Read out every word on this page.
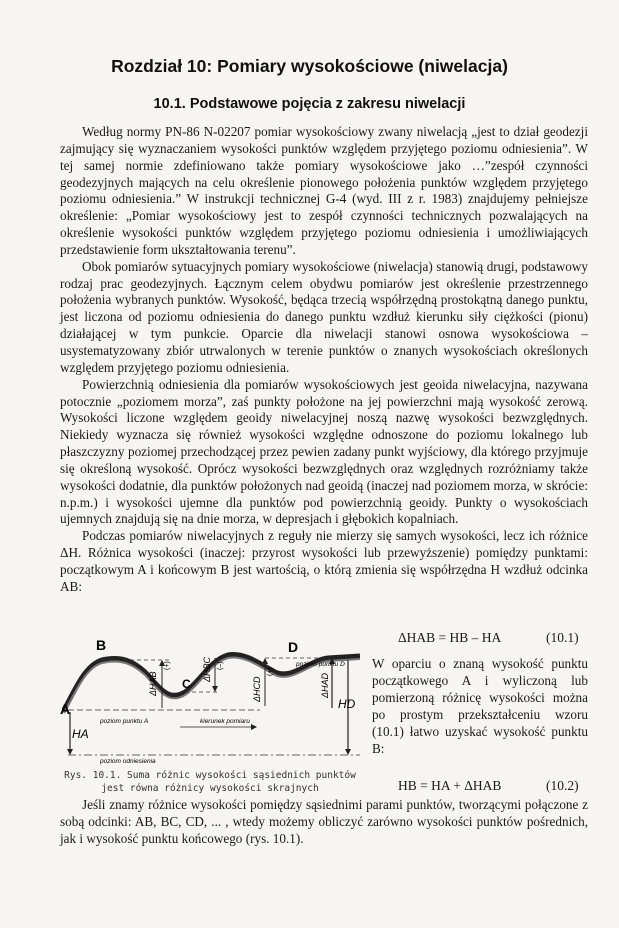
Rozdział 10: Pomiary wysokościowe (niwelacja)
10.1. Podstawowe pojęcia z zakresu niwelacji

Według normy PN-86 N-02207 pomiar wysokościowy zwany niwelacją „jest to dział geodezji zajmujący się wyznaczaniem wysokości punktów względem przyjętego poziomu odniesienia”. W tej samej normie zdefiniowano także pomiary wysokościowe jako …”zespół czynności geodezyjnych mających na celu określenie pionowego położenia punktów względem przyjętego poziomu odniesienia.” W instrukcji technicznej G-4 (wyd. III z r. 1983) znajdujemy pełniejsze określenie: „Pomiar wysokościowy jest to zespół czynności technicznych pozwalających na określenie wysokości punktów względem przyjętego poziomu odniesienia i umożliwiających przedstawienie form ukształtowania terenu”.

Obok pomiarów sytuacyjnych pomiary wysokościowe (niwelacja) stanowią drugi, podstawowy rodzaj prac geodezyjnych. Łącznym celem obydwu pomiarów jest określenie przestrzennego położenia wybranych punktów. Wysokość, będąca trzecią współrzędną prostokątną danego punktu, jest liczona od poziomu odniesienia do danego punktu wzdłuż kierunku siły ciężkości (pionu) działającej w tym punkcie. Oparcie dla niwelacji stanowi osnowa wysokościowa – usystematyzowany zbiór utrwalonych w terenie punktów o znanych wysokościach określonych względem przyjętego poziomu odniesienia.

Powierzchnią odniesienia dla pomiarów wysokościowych jest geoida niwelacyjna, nazywana potocznie „poziomem morza”, zaś punkty położone na jej powierzchni mają wysokość zerową. Wysokości liczone względem geoidy niwelacyjnej noszą nazwę wysokości bezwzględnych. Niekiedy wyznacza się również wysokości względne odnoszone do poziomu lokalnego lub płaszczyzny poziomej przechodzącej przez pewien zadany punkt wyjściowy, dla którego przyjmuje się określoną wysokość. Oprócz wysokości bezwzględnych oraz względnych rozróżniamy także wysokości dodatnie, dla punktów położonych nad geoidą (inaczej nad poziomem morza, w skrócie: n.p.m.) i wysokości ujemne dla punktów pod powierzchnią geoidy. Punkty o wysokościach ujemnych znajdują się na dnie morza, w depresjach i głębokich kopalniach.

Podczas pomiarów niwelacyjnych z reguły nie mierzy się samych wysokości, lecz ich różnice ΔH. Różnica wysokości (inaczej: przyrost wysokości lub przewyższenie) pomiędzy punktami: początkowym A i końcowym B jest wartością, o którą zmienia się współrzędna H wzdłuż odcinka AB:

ΔHAB = HB – HA	(10.1)
W oparciu o znaną wysokość punktu początkowego A i wyliczoną lub pomierzoną różnicę wysokości można po prostym przekształceniu wzoru (10.1) łatwo uzyskać wysokość punktu B:
HB = HA + ΔHAB	(10.2)
A
B
C
D
HA
HD
ΔHAB
(+)	ΔHBC (–)
ΔHCD
(+)
ΔHAD
poziom punktu A
poziom punktu D
kierunek pomiaru
poziom odniesienia
Rys. 10.1. Suma różnic wysokości sąsiednich punktów
jest równa różnicy wysokości skrajnych
Jeśli znamy różnice wysokości pomiędzy sąsiednimi parami punktów, tworzącymi połączone z sobą odcinki: AB, BC, CD, ... , wtedy możemy obliczyć zarówno wysokości punktów pośrednich, jak i wysokość punktu końcowego (rys. 10.1).
